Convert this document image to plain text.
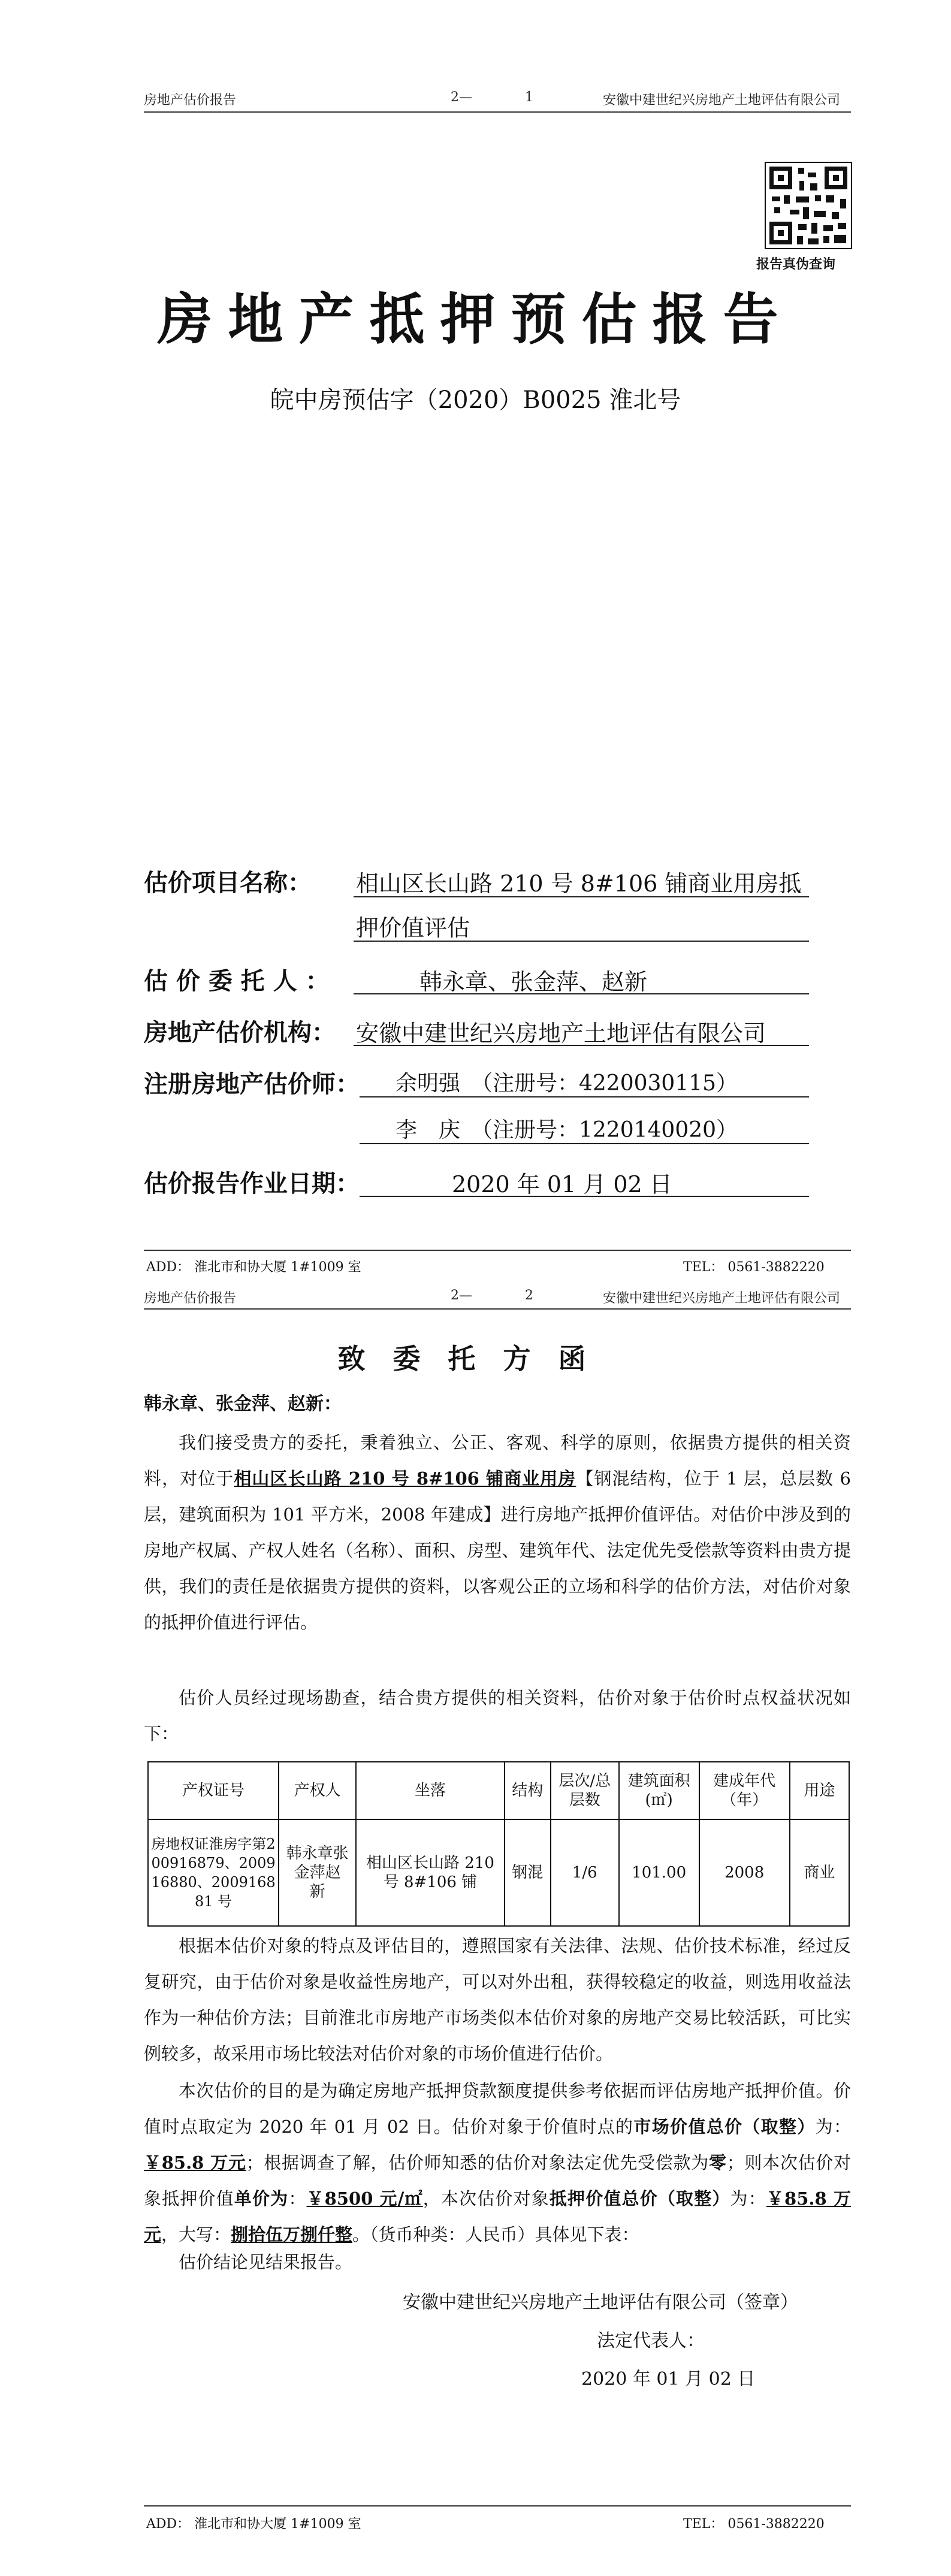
房地产估价报告	2—	1	安徽中建世纪兴房地产土地评估有限公司
报告真伪查询
房地产抵押预估报告
皖中房预估字（2020）B0025 淮北号
估价项目名称： 相山区长山路 210 号 8#106 铺商业用房抵
押价值评估
估 价 委 托 人 ：	韩永章、张金萍、赵新
房地产估价机构： 安徽中建世纪兴房地产土地评估有限公司
注册房地产估价师： 余明强　（注册号：4220030115）
李　庆　（注册号：1220140020）
估价报告作业日期：	2020 年 01 月 02 日
ADD： 淮北市和协大厦 1#1009 室	TEL： 0561-3882220
房地产估价报告	2—	2	安徽中建世纪兴房地产土地评估有限公司
致委托方函
韩永章、张金萍、赵新：

我们接受贵方的委托，秉着独立、公正、客观、科学的原则，依据贵方提供的相关资料，对位于相山区长山路 210 号 8#106 铺商业用房【钢混结构，位于 1 层，总层数 6 层，建筑面积为 101 平方米，2008 年建成】进行房地产抵押价值评估。对估价中涉及到的房地产权属、产权人姓名（名称）、面积、房型、建筑年代、法定优先受偿款等资料由贵方提供，我们的责任是依据贵方提供的资料，以客观公正的立场和科学的估价方法，对估价对象的抵押价值进行评估。

估价人员经过现场勘查，结合贵方提供的相关资料，估价对象于估价时点权益状况如下：

产权证号	产权人	坐落	结构	层次/总层数	建筑面积(㎡)	建成年代（年）	用途
房地权证淮房字第200916879、200916880、200916881 号	韩永章张金萍赵　新	相山区长山路 210 号 8#106 铺	钢混	1/6	101.00	2008	商业

根据本估价对象的特点及评估目的，遵照国家有关法律、法规、估价技术标准，经过反复研究，由于估价对象是收益性房地产，可以对外出租，获得较稳定的收益，则选用收益法作为一种估价方法；目前淮北市房地产市场类似本估价对象的房地产交易比较活跃，可比实例较多，故采用市场比较法对估价对象的市场价值进行估价。

本次估价的目的是为确定房地产抵押贷款额度提供参考依据而评估房地产抵押价值。价值时点取定为 2020 年 01 月 02 日。估价对象于价值时点的市场价值总价（取整）为：￥85.8 万元；根据调查了解，估价师知悉的估价对象法定优先受偿款为零；则本次估价对象抵押价值单价为：￥8500 元/㎡，本次估价对象抵押价值总价（取整）为：￥85.8 万元，大写：捌拾伍万捌仟整。（货币种类：人民币）具体见下表：

估价结论见结果报告。

安徽中建世纪兴房地产土地评估有限公司（签章）
法定代表人：
2020 年 01 月 02 日
ADD： 淮北市和协大厦 1#1009 室	TEL： 0561-3882220
